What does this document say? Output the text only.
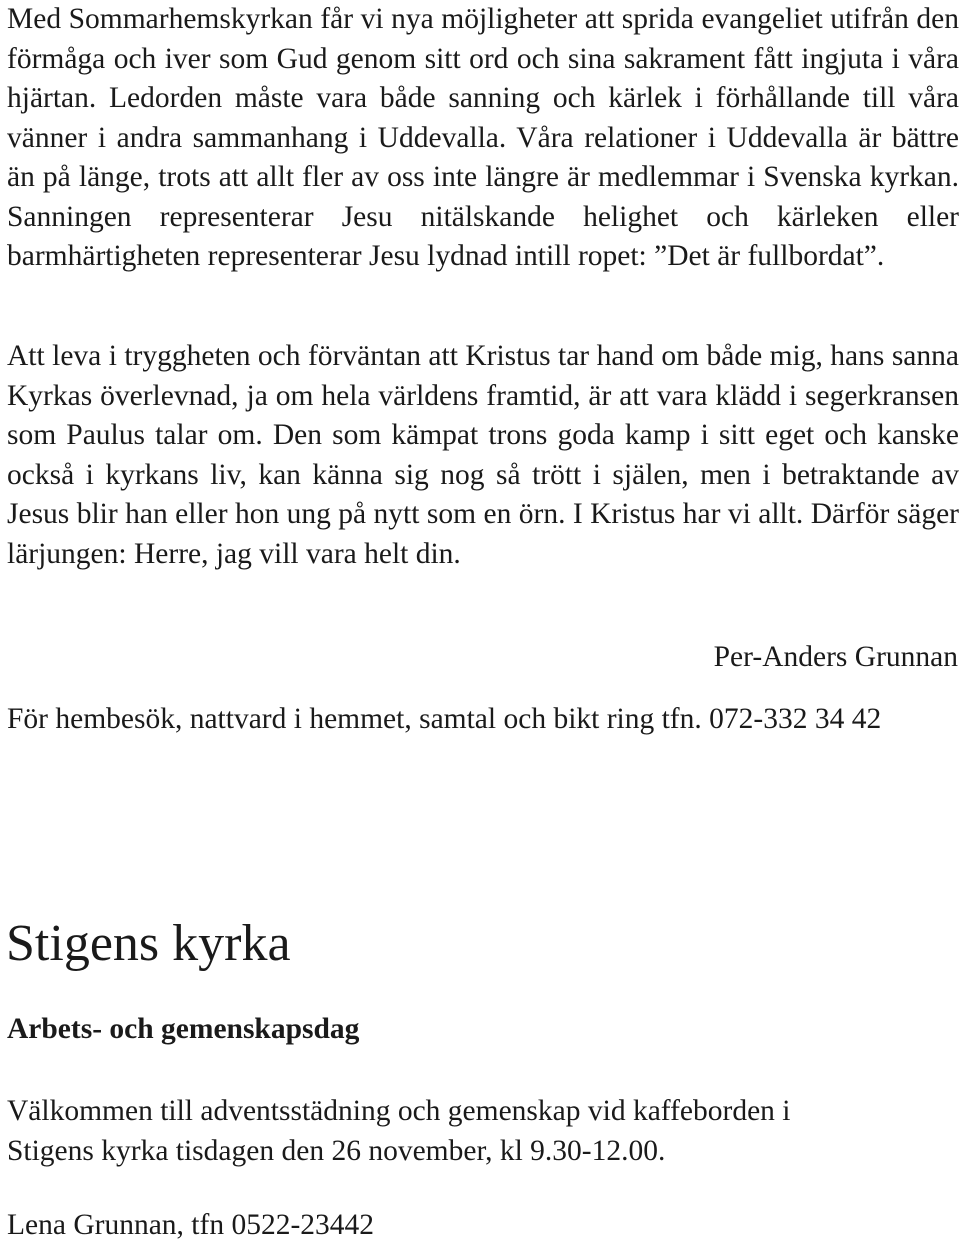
Med Sommarhemskyrkan får vi nya möjligheter att sprida evangeliet utifrån den förmåga och iver som Gud genom sitt ord och sina sakrament fått ingjuta i våra hjärtan. Ledorden måste vara både sanning och kärlek i förhållande till våra vänner i andra sammanhang i Uddevalla. Våra relationer i Uddevalla är bättre än på länge, trots att allt fler av oss inte längre är medlemmar i Svenska kyrkan. Sanningen representerar Jesu nitälskande helighet och kärleken eller barmhärtigheten representerar Jesu lydnad intill ropet: ”Det är fullbordat”.

Att leva i tryggheten och förväntan att Kristus tar hand om både mig, hans sanna Kyrkas överlevnad, ja om hela världens framtid, är att vara klädd i segerkransen som Paulus talar om. Den som kämpat trons goda kamp i sitt eget och kanske också i kyrkans liv, kan känna sig nog så trött i själen, men i betraktande av Jesus blir han eller hon ung på nytt som en örn. I Kristus har vi allt. Därför säger lärjungen: Herre, jag vill vara helt din.

Per-Anders Grunnan

För hembesök, nattvard i hemmet, samtal och bikt ring tfn. 072-332 34 42

Stigens kyrka
Arbets- och gemenskapsdag

Välkommen till adventsstädning och gemenskap vid kaffeborden i
Stigens kyrka tisdagen den 26 november, kl 9.30-12.00.

Lena Grunnan, tfn 0522-23442
